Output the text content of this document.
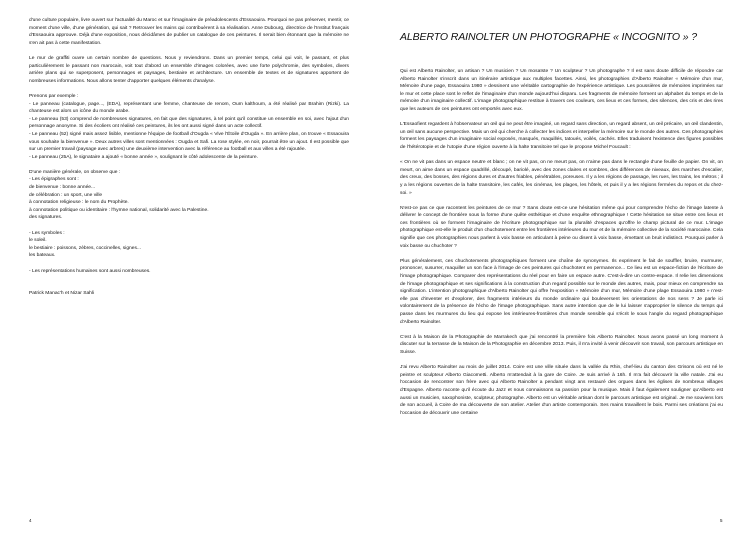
d'une culture populaire, livre ouvert sur l'actualité du Maroc et sur l'imaginaire de préadolescents d'Essaouira. Pourquoi ne pas préserver, mentir, ce moment d'une ville, d'une génération, qui sait ? Retrouver les mains qui contribuèrent à sa réalisation. Anne Dubourg, directrice de l'Institut français d'Essaouira approuve. Déjà d'une exposition, nous décidâmes de publier un catalogue de ces peintures. Il serait bien étonnant que la mémoire ne s'en ait pas à cette manifestation.

Le mur de graffiti ouvre un certain nombre de questions. Nous y reviendrons. Dans un premier temps, celui qui voit, le passant, et plus particulièrement le passant non marocain, voit tout d'abord un ensemble d'images colorées, avec une forte polychromie, des symboles, divers arrière plans qui se superposent, personnages et paysages, bestiaire et architecture. Un ensemble de textes et de signatures apportent de nombreuses informations. Nous allons tenter d'apporter quelques éléments d'analyse.

Prenons par exemple :
- Le panneau (catalogue, page..., (EDA), représentant une femme, chanteuse de renom, Oum kalthoum, a été réalisé par Brahim (Rizki). La chanteuse est alors un icône du monde arabe.
- Le panneau (53) comprend de nombreuses signatures, en fait que des signatures, à tel point qu'il constitue un ensemble en soi, avec l'ajout d'un personnage anonyme. Si des écoliers ont réalisé ces peintures, ils les ont aussi signé dans un acte collectif.
- Le panneau (52) signé mais assez lisible, mentionne l'équipe de football d'Ougda « Vive l'Étoile d'Ougda ». En arrière plan, on trouve « Essaouira vous souhaite la bienvenue ». Deux autres villes sont mentionnées : Ougda et Safi. La rose stylée, en noir, pourrait être un ajout. Il est possible que sur un premier travail (paysage avec arbres) une deuxième intervention avec la référence au football et aux villes a été rajoutée.
- Le panneau (25A), le signataire a ajouté « bonne année », soulignant le côté adolescente de la peinture.
D'une manière générale, on observe que :
- Les épigraphes sont :
de bienvenue : bonne année...
de célébration : un sport, une ville
à connotation religieuse : le nom du Prophète.
à connotation politique ou identitaire : l'hymne national, solidarité avec la Palestine.
des signatures.
- Les symboles :
le soleil.
le bestiaire : poissons, zèbres, coccinelles, signes...
les bateaux.
- Les représentations humaines sont aussi nombreuses.
Patrick Manac'h et Nizar Sahli
4
ALBERTO RAINOLTER UN PHOTOGRAPHE « INCOGNITO » ?

Qui est Alberto Rainolter, un artisan ? Un musicien ? Un mosaïste ? Un sculpteur ? Un photographe ? Il est sans doute difficile de répondre car Alberto Rainolter s'inscrit dans un itinéraire artistique aux multiples facettes. Ainsi, les photographies d'Alberto Rainolter « Mémoire d'un mur, Mémoire d'une page, Essaouira 1980 » dessinent une véritable cartographie de l'expérience artistique. Les poussières de mémoires imprimées sur le mur et cette place sont le reflet de l'imaginaire d'un monde aujourd'hui disparu. Les fragments de mémoire forment un alphabet du temps et de la mémoire d'un imaginaire collectif. L'image photographique restitue à travers ces couleurs, ces lieux et ces formes, des silences, des cris et des rires que les auteurs de ces peintures ont emportés avec eux.

L'Essaofient regardent à l'observateur un œil qui ne peut être imaginé, un regard sans direction, un regard absent, un œil précaire, un œil clandestin, un œil sans aucune perspective. Mais un œil qui cherche à collecter les indices et interpeller la mémoire sur le monde des autres. Ces photographies forment les paysages d'un imaginaire social exposés, masqués, maquillés, tatoués, voilés, cachés. Elles traduisent l'existence des figures possibles de l'hétérotopie et de l'utopie d'une région ouverte à la halte transitoire tel que le propose Michel Foucault :

« On ne vit pas dans un espace neutre et blanc ; on ne vit pas, on ne meurt pas, on n'aime pas dans le rectangle d'une feuille de papier. On vit, on meurt, on aime dans un espace quadrillé, découpé, bariolé, avec des zones claires et sombres, des différences de niveaux, des marches d'escalier, des creux, des bosses, des régions dures et d'autres friables, pénétrables, poreuses. Il y a les régions de passage, les rues, les trains, les métros ; il y a les régions ouvertes de la halte transitoire, les cafés, les cinémas, les plages, les hôtels, et puis il y a les régions fermées du repos et du chez-soi. »

N'est-ce pas ce que racontent les peintures de ce mur ? Sans doute est-ce une hésitation même qui pour comprendre l'écho de l'image latente à délivrer le concept de frontière sous la forme d'une quête esthétique et d'une enquête ethnographique ! Cette hésitation se situe entre ces lieux et ces frontières où se forment l'imaginaire de l'écriture photographique sur la pluralité d'espaces qu'offre le champ pictural de ce mur. L'image photographique est-elle le produit d'un chuchotement entre les frontières intérieures du mur et de la mémoire collective de la société marocaine. Cela signifie que ces photographies nous parlent à voix basse en articulant à peine ou disent à voix basse, émettant un bruit indistinct. Pourquoi parler à voix basse ou chuchoter ?

Plus généralement, ces chuchotements photographiques forment une chaîne de synonymes. Ils expriment le fait de souffler, bruire, murmurer, prononcer, susurrer, maquiller un son face à l'image de ces peintures qui chuchotent en permanence... Ce lieu est un espace-fiction de l'écriture de l'image photographique. Comparer des représentations du réel pour en faire un espace autre. C'est-à-dire un contre-espace. Il relie les dimensions de l'image photographique et ses significations à la construction d'un regard possible sur le monde des autres, mais, pour mieux en comprendre sa signification. L'intention photographique d'Alberto Rainolter qui offre l'exposition « Mémoire d'un mur, Mémoire d'une plage Essaouira 1980 » n'est-elle pas d'inventer et d'explorer, des fragments intérieurs du monde ordinaire qui bouleversent les orientations de nos sens ? Je parle ici volontairement de la présence de l'écho de l'image photographique. Sans autre intention que de le lui laisser s'approprier le silence du temps qui passe dans les murmures du lieu qui expose les intérieures-frontières d'un monde sensible qui s'écrit le sous l'angle du regard photographique d'Alberto Rainolter.

C'est à la Maison de la Photographie de Marrakech que j'ai rencontré la première fois Alberto Rainolter. Nous avons passé un long moment à discuter sur la terrasse de la Maison de la Photographie en décembre 2013. Puis, il m'a invité à venir découvrir son travail, son parcours artistique en Suisse.

J'ai revu Alberto Rainolter au mois de juillet 2014. Coire est une ville située dans la vallée du Rhin, chef-lieu du canton des Grisons où est né le peintre et sculpteur Alberto Giacometti. Alberto m'attendait à la gare de Coire. Je suis arrivé à 16h. Il m'a fait découvrir la ville natale. J'ai eu l'occasion de rencontrer son frère avec qui Alberto Rainolter a pendant vingt ans restauré des orgues dans les églises de nombreux villages d'Espagne. Alberto raconte qu'il écoute du Jazz et nous connaissons sa passion pour la musique. Mais il faut également souligner qu'Alberto est aussi un musicien, saxophoniste, sculpteur, photographe. Alberto est un véritable artisan dont le parcours artistique est original. Je me souviens lors de son accueil, à Coire de ma découverte de son atelier. Atelier d'un artiste contemporain. Ses mains travaillent le bois. Parmi ses créations j'ai eu l'occasion de découvrir une certaine

5
